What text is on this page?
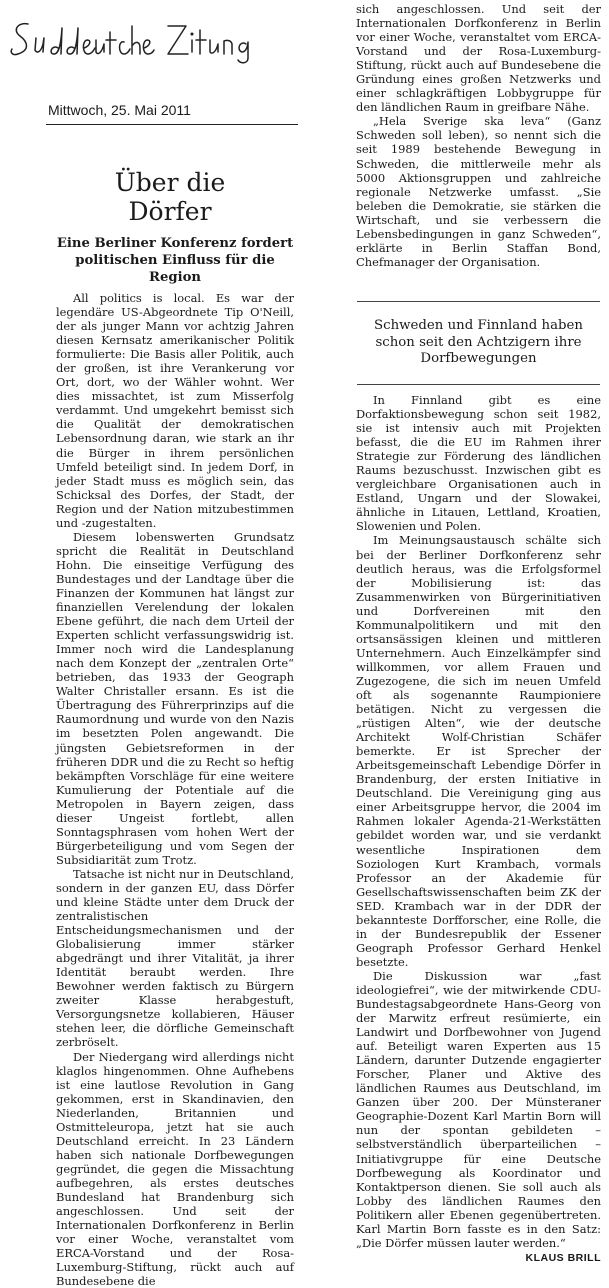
Mittwoch, 25. Mai 2011
Über die
Dörfer
Eine Berliner Konferenz fordert politischen Einfluss für die Region

All politics is local. Es war der legendäre US-Abgeordnete Tip O'Neill, der als junger Mann vor achtzig Jahren diesen Kernsatz amerikanischer Politik formulierte: Die Basis aller Politik, auch der großen, ist ihre Verankerung vor Ort, dort, wo der Wähler wohnt. Wer dies missachtet, ist zum Misserfolg verdammt. Und umgekehrt bemisst sich die Qualität der demokratischen Lebensordnung daran, wie stark an ihr die Bürger in ihrem persönlichen Umfeld beteiligt sind. In jedem Dorf, in jeder Stadt muss es möglich sein, das Schicksal des Dorfes, der Stadt, der Region und der Nation mitzubestimmen und -zugestalten.

Diesem lobenswerten Grundsatz spricht die Realität in Deutschland Hohn. Die einseitige Verfügung des Bundestages und der Landtage über die Finanzen der Kommunen hat längst zur finanziellen Verelendung der lokalen Ebene geführt, die nach dem Urteil der Experten schlicht verfassungswidrig ist. Immer noch wird die Landesplanung nach dem Konzept der „zentralen Orte“ betrieben, das 1933 der Geograph Walter Christaller ersann. Es ist die Übertragung des Führerprinzips auf die Raumordnung und wurde von den Nazis im besetzten Polen angewandt. Die jüngsten Gebietsreformen in der früheren DDR und die zu Recht so heftig bekämpften Vorschläge für eine weitere Kumulierung der Potentiale auf die Metropolen in Bayern zeigen, dass dieser Ungeist fortlebt, allen Sonntagsphrasen vom hohen Wert der Bürgerbeteiligung und vom Segen der Subsidiarität zum Trotz.

Tatsache ist nicht nur in Deutschland, sondern in der ganzen EU, dass Dörfer und kleine Städte unter dem Druck der zentralistischen Entscheidungsmechanismen und der Globalisierung immer stärker abgedrängt und ihrer Vitalität, ja ihrer Identität beraubt werden. Ihre Bewohner werden faktisch zu Bürgern zweiter Klasse herabgestuft, Versorgungsnetze kollabieren, Häuser stehen leer, die dörfliche Gemeinschaft zerbröselt.

Der Niedergang wird allerdings nicht klaglos hingenommen. Ohne Aufhebens ist eine lautlose Revolution in Gang gekommen, erst in Skandinavien, den Niederlanden, Britannien und Ostmitteleuropa, jetzt hat sie auch Deutschland erreicht. In 23 Ländern haben sich nationale Dorfbewegungen gegründet, die gegen die Missachtung aufbegehren, als erstes deutsches Bundesland hat Brandenburg sich angeschlossen. Und seit der Internationalen Dorfkonferenz in Berlin vor einer Woche, veranstaltet vom ERCA-Vorstand und der Rosa-Luxemburg-Stiftung, rückt auch auf Bundesebene die

sich angeschlossen. Und seit der Internationalen Dorfkonferenz in Berlin vor einer Woche, veranstaltet vom ERCA-Vorstand und der Rosa-Luxemburg-Stiftung, rückt auch auf Bundesebene die Gründung eines großen Netzwerks und einer schlagkräftigen Lobbygruppe für den ländlichen Raum in greifbare Nähe.

„Hela Sverige ska leva“ (Ganz Schweden soll leben), so nennt sich die seit 1989 bestehende Bewegung in Schweden, die mittlerweile mehr als 5000 Aktionsgruppen und zahlreiche regionale Netzwerke umfasst. „Sie beleben die Demokratie, sie stärken die Wirtschaft, und sie verbessern die Lebensbedingungen in ganz Schweden“, erklärte in Berlin Staffan Bond, Chefmanager der Organisation.

Schweden und Finnland haben schon seit den Achtzigern ihre Dorfbewegungen

In Finnland gibt es eine Dorfaktionsbewegung schon seit 1982, sie ist intensiv auch mit Projekten befasst, die die EU im Rahmen ihrer Strategie zur Förderung des ländlichen Raums bezuschusst. Inzwischen gibt es vergleichbare Organisationen auch in Estland, Ungarn und der Slowakei, ähnliche in Litauen, Lettland, Kroatien, Slowenien und Polen.

Im Meinungsaustausch schälte sich bei der Berliner Dorfkonferenz sehr deutlich heraus, was die Erfolgsformel der Mobilisierung ist: das Zusammenwirken von Bürgerinitiativen und Dorfvereinen mit den Kommunalpolitikern und mit den ortsansässigen kleinen und mittleren Unternehmern. Auch Einzelkämpfer sind willkommen, vor allem Frauen und Zugezogene, die sich im neuen Umfeld oft als sogenannte Raumpioniere betätigen. Nicht zu vergessen die „rüstigen Alten“, wie der deutsche Architekt Wolf-Christian Schäfer bemerkte. Er ist Sprecher der Arbeitsgemeinschaft Lebendige Dörfer in Brandenburg, der ersten Initiative in Deutschland. Die Vereinigung ging aus einer Arbeitsgruppe hervor, die 2004 im Rahmen lokaler Agenda-21-Werkstätten gebildet worden war, und sie verdankt wesentliche Inspirationen dem Soziologen Kurt Krambach, vormals Professor an der Akademie für Gesellschaftswissenschaften beim ZK der SED. Krambach war in der DDR der bekannteste Dorfforscher, eine Rolle, die in der Bundesrepublik der Essener Geograph Professor Gerhard Henkel besetzte.

Die Diskussion war „fast ideologiefrei“, wie der mitwirkende CDU-Bundestagsabgeordnete Hans-Georg von der Marwitz erfreut resümierte, ein Landwirt und Dorfbewohner von Jugend auf. Beteiligt waren Experten aus 15 Ländern, darunter Dutzende engagierter Forscher, Planer und Aktive des ländlichen Raumes aus Deutschland, im Ganzen über 200. Der Münsteraner Geographie-Dozent Karl Martin Born will nun der spontan gebildeten – selbstverständlich überparteilichen – Initiativgruppe für eine Deutsche Dorfbewegung als Koordinator und Kontaktperson dienen. Sie soll auch als Lobby des ländlichen Raumes den Politikern aller Ebenen gegenübertreten. Karl Martin Born fasste es in den Satz: „Die Dörfer müssen lauter werden.“

KLAUS BRILL
